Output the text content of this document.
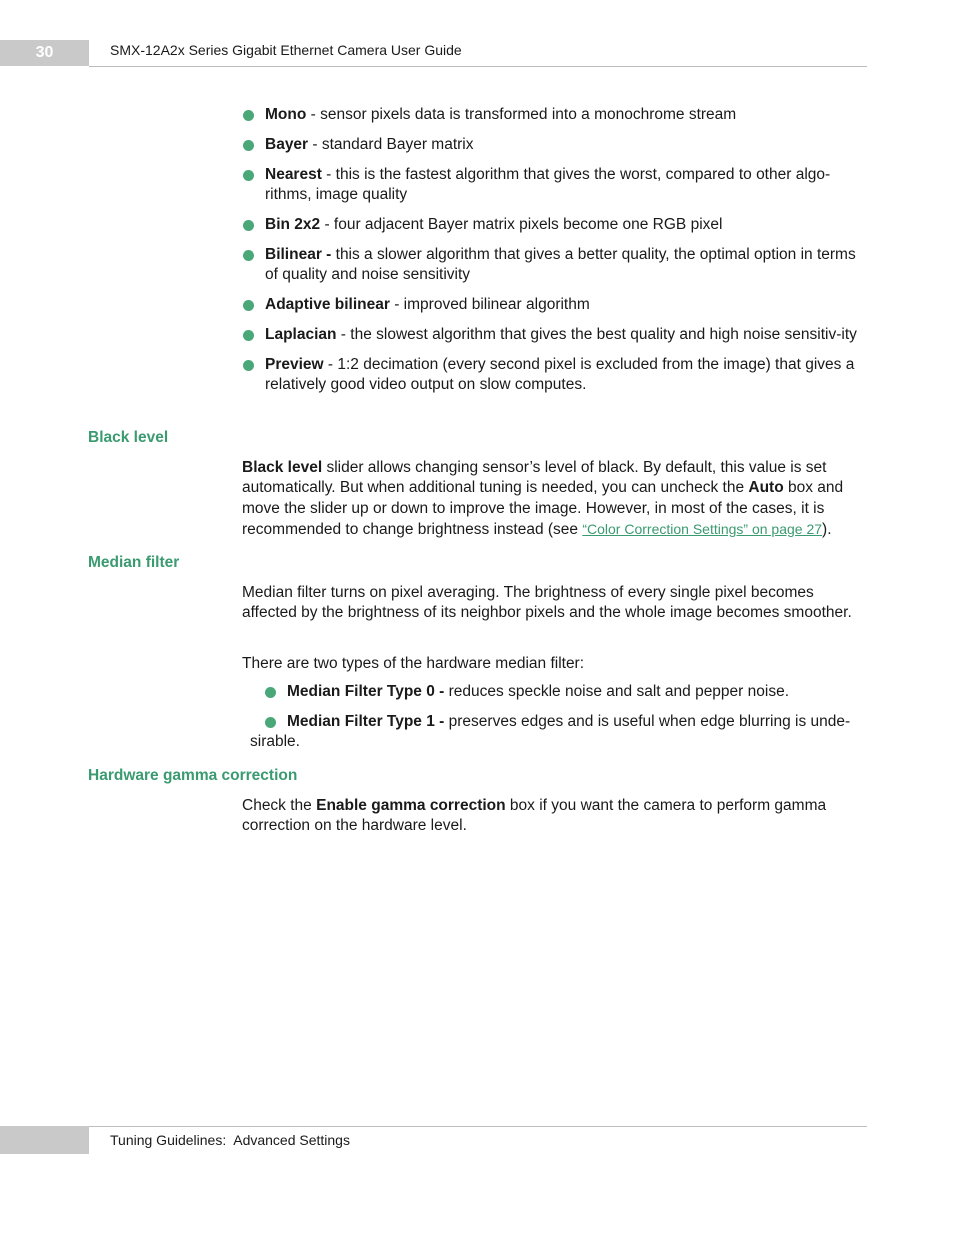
30	SMX-12A2x Series Gigabit Ethernet Camera User Guide
Mono - sensor pixels data is transformed into a monochrome stream
Bayer - standard Bayer matrix
Nearest - this is the fastest algorithm that gives the worst, compared to other algo-rithms, image quality
Bin 2x2 - four adjacent Bayer matrix pixels become one RGB pixel
Bilinear - this a slower algorithm that gives a better quality, the optimal option in terms of quality and noise sensitivity
Adaptive bilinear - improved bilinear algorithm
Laplacian - the slowest algorithm that gives the best quality and high noise sensitiv-ity
Preview - 1:2 decimation (every second pixel is excluded from the image) that gives a relatively good video output on slow computes.
Black level

Black level slider allows changing sensor’s level of black. By default, this value is set automatically. But when additional tuning is needed, you can uncheck the Auto box and move the slider up or down to improve the image. However, in most of the cases, it is recommended to change brightness instead (see “Color Correction Settings” on page 27).

Median filter

Median filter turns on pixel averaging. The brightness of every single pixel becomes affected by the brightness of its neighbor pixels and the whole image becomes smoother.

There are two types of the hardware median filter:

Median Filter Type 0 - reduces speckle noise and salt and pepper noise.
Median Filter Type 1 - preserves edges and is useful when edge blurring is unde-
sirable.
Hardware gamma correction

Check the Enable gamma correction box if you want the camera to perform gamma correction on the hardware level.

Tuning Guidelines:  Advanced Settings
